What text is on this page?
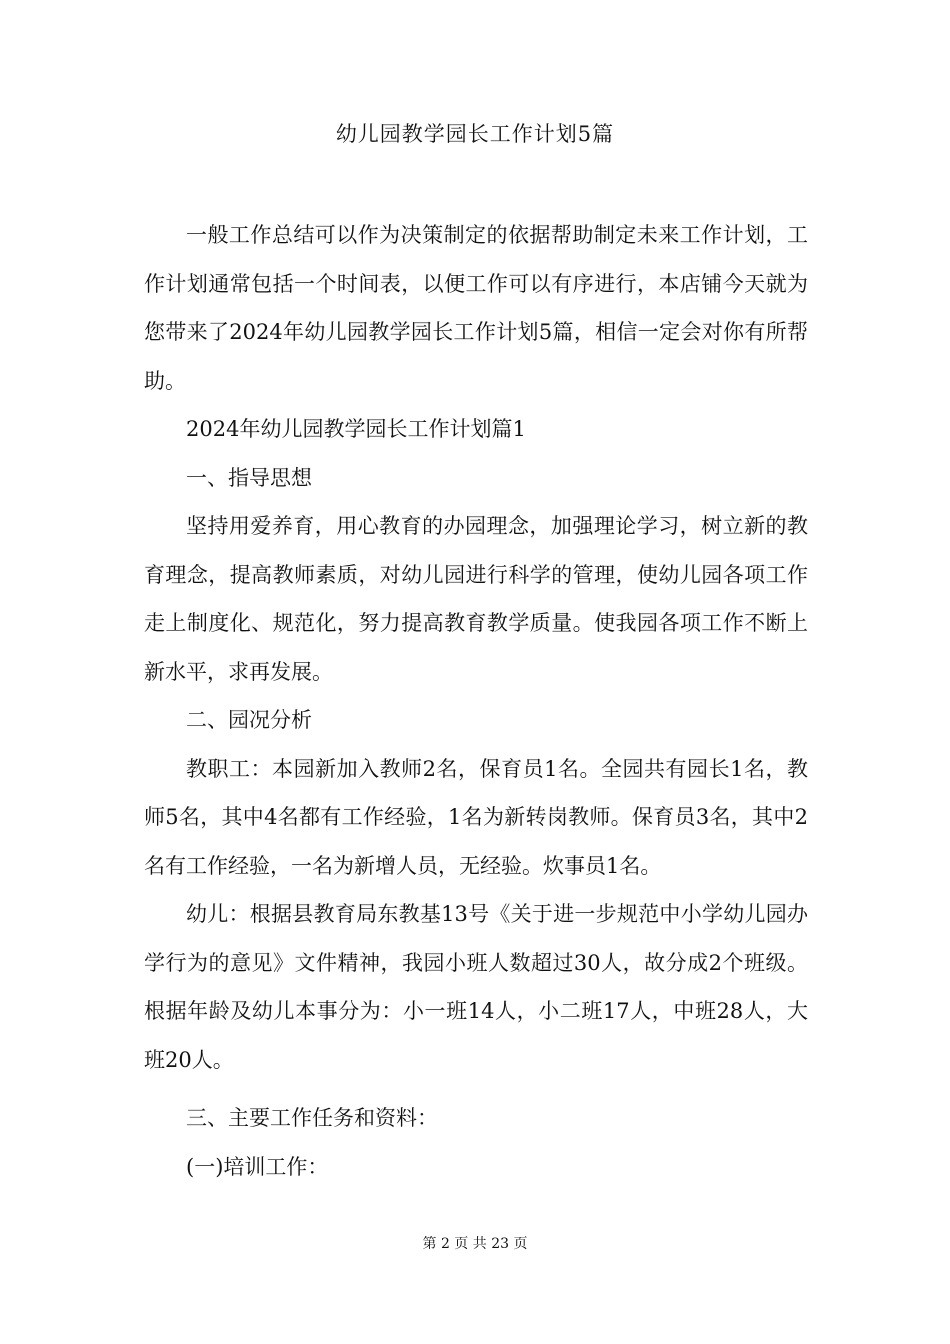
幼儿园教学园长工作计划5篇

一般工作总结可以作为决策制定的依据帮助制定未来工作计划，工作计划通常包括一个时间表，以便工作可以有序进行，本店铺今天就为您带来了2024年幼儿园教学园长工作计划5篇，相信一定会对你有所帮助。

2024年幼儿园教学园长工作计划篇1

一、指导思想

坚持用爱养育，用心教育的办园理念，加强理论学习，树立新的教育理念，提高教师素质，对幼儿园进行科学的管理，使幼儿园各项工作走上制度化、规范化，努力提高教育教学质量。使我园各项工作不断上新水平，求再发展。

二、园况分析

教职工：本园新加入教师2名，保育员1名。全园共有园长1名，教师5名，其中4名都有工作经验，1名为新转岗教师。保育员3名，其中2名有工作经验，一名为新增人员，无经验。炊事员1名。

幼儿：根据县教育局东教基13号《关于进一步规范中小学幼儿园办学行为的意见》文件精神，我园小班人数超过30人，故分成2个班级。根据年龄及幼儿本事分为：小一班14人，小二班17人，中班28人，大班20人。

三、主要工作任务和资料：

(一)培训工作：

第 2 页 共 23 页
